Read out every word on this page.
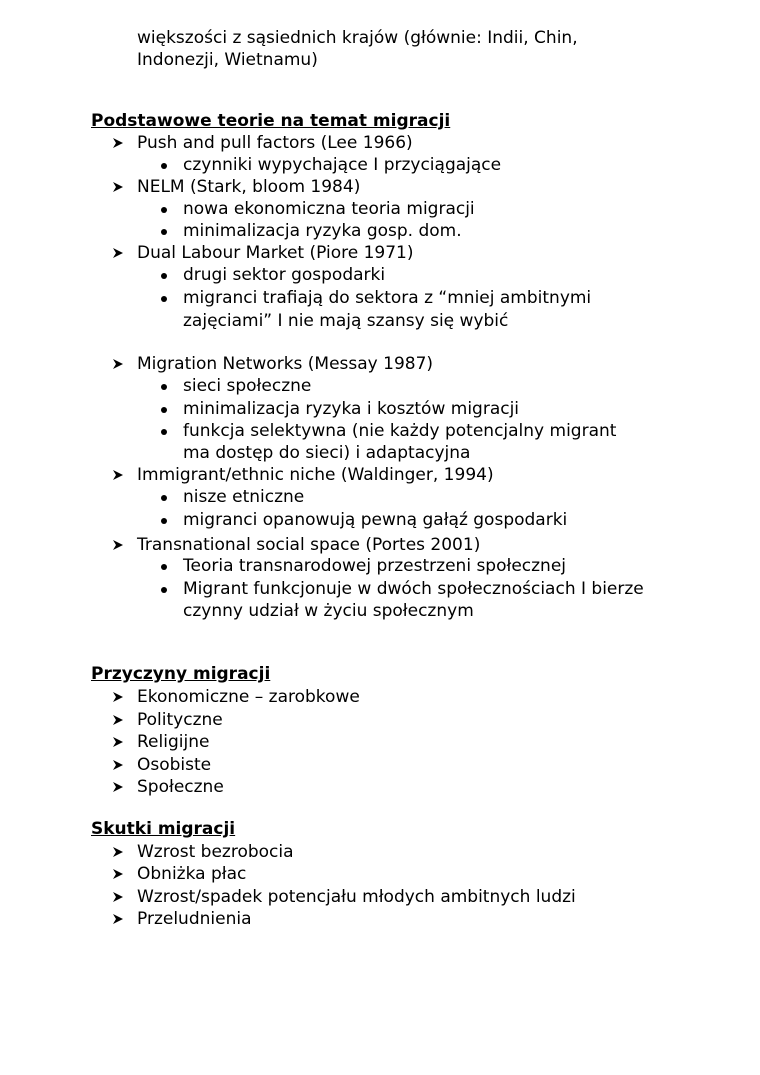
większości z sąsiednich krajów (głównie: Indii, Chin,
Indonezji, Wietnamu)
Podstawowe teorie na temat migracji
Push and pull factors (Lee 1966)
czynniki wypychające I przyciągające
NELM (Stark, bloom 1984)
nowa ekonomiczna teoria migracji
minimalizacja ryzyka gosp. dom.
Dual Labour Market (Piore 1971)
drugi sektor gospodarki
migranci trafiają do sektora z “mniej ambitnymi
zajęciami” I nie mają szansy się wybić
Migration Networks (Messay 1987)
sieci społeczne
minimalizacja ryzyka i kosztów migracji
funkcja selektywna (nie każdy potencjalny migrant
ma dostęp do sieci) i adaptacyjna
Immigrant/ethnic niche (Waldinger, 1994)
nisze etniczne
migranci opanowują pewną gałąź gospodarki
Transnational social space (Portes 2001)
Teoria transnarodowej przestrzeni społecznej
Migrant funkcjonuje w dwóch społecznościach I bierze
czynny udział w życiu społecznym
Przyczyny migracji
Ekonomiczne – zarobkowe
Polityczne
Religijne
Osobiste
Społeczne
Skutki migracji
Wzrost bezrobocia
Obniżka płac
Wzrost/spadek potencjału młodych ambitnych ludzi
Przeludnienia
